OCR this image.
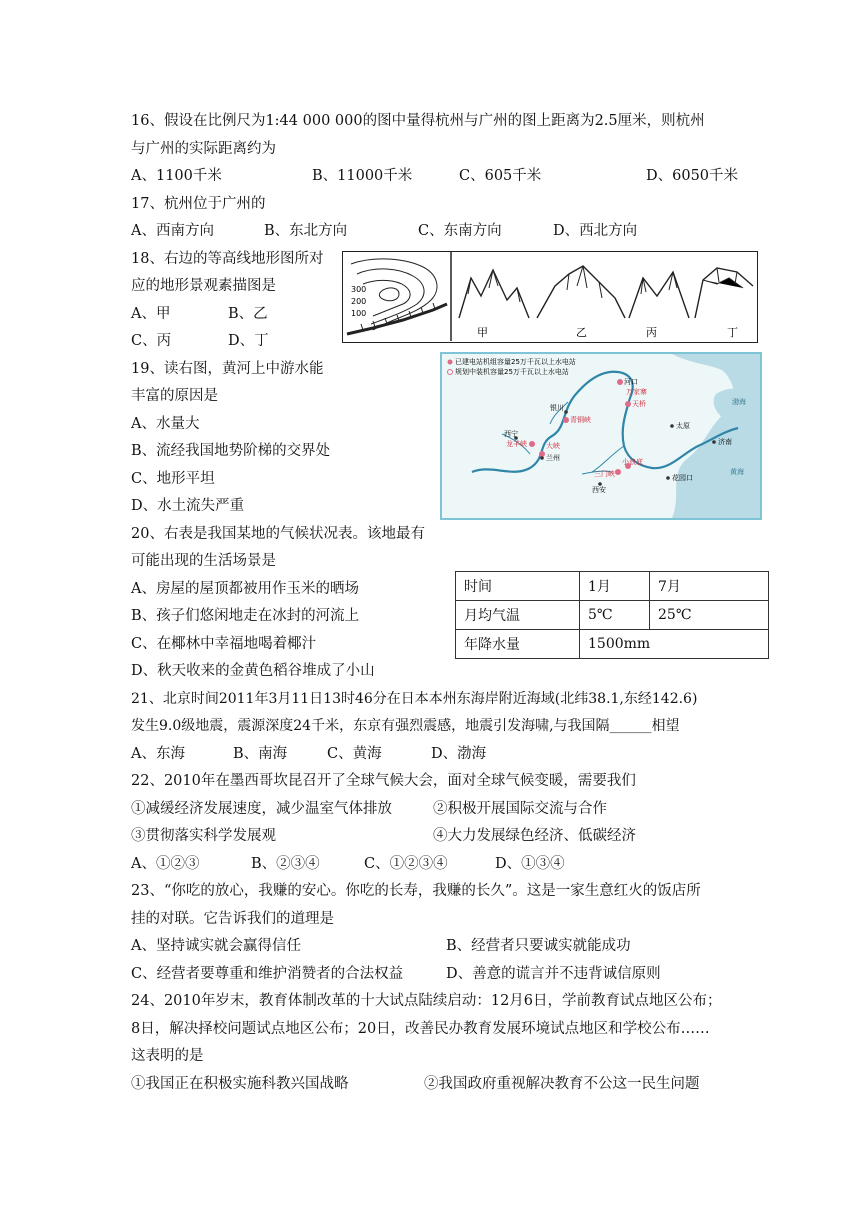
16、假设在比例尺为1:44 000 000的图中量得杭州与广州的图上距离为2.5厘米，则杭州
与广州的实际距离约为
A、1100千米	B、11000千米	C、605千米	D、6050千米
17、杭州位于广州的
A、西南方向	B、东北方向	C、东南方向	D、西北方向
18、右边的等高线地形图所对
应的地形景观素描图是
A、甲	B、乙
C、丙	D、丁
300
200
100
甲	乙	丙	丁
19、读右图，黄河上中游水能
丰富的原因是
A、水量大
B、流经我国地势阶梯的交界处
C、地形平坦
D、水土流失严重
已建电站机组容量25万千瓦以上水电站
规划中装机容量25万千瓦以上水电站
河口
万家寨
天桥
银川
青铜峡
太原
西宁
龙羊峡	大峡
兰州
济南
小浪底
三门峡	花园口
西安
渤海
黄海
20、右表是我国某地的气候状况表。该地最有
可能出现的生活场景是
A、房屋的屋顶都被用作玉米的晒场
B、孩子们悠闲地走在冰封的河流上
C、在椰林中幸福地喝着椰汁
D、秋天收来的金黄色稻谷堆成了小山
时间	1月	7月
月均气温	5℃	25℃
年降水量	1500mm	
21、北京时间2011年3月11日13时46分在日本本州东海岸附近海域(北纬38.1,东经142.6)
发生9.0级地震，震源深度24千米，东京有强烈震感，地震引发海啸,与我国隔______相望
A、东海	B、南海	C、黄海	D、渤海
22、2010年在墨西哥坎昆召开了全球气候大会，面对全球气候变暖，需要我们
①减缓经济发展速度，减少温室气体排放	②积极开展国际交流与合作
③贯彻落实科学发展观	④大力发展绿色经济、低碳经济
A、①②③	B、②③④	C、①②③④	D、①③④
23、“你吃的放心，我赚的安心。你吃的长寿，我赚的长久”。这是一家生意红火的饭店所
挂的对联。它告诉我们的道理是
A、坚持诚实就会赢得信任	B、经营者只要诚实就能成功
C、经营者要尊重和维护消赞者的合法权益	D、善意的谎言并不违背诚信原则
24、2010年岁末，教育体制改革的十大试点陆续启动：12月6日，学前教育试点地区公布；
8日，解决择校问题试点地区公布；20日，改善民办教育发展环境试点地区和学校公布……
这表明的是
①我国正在积极实施科教兴国战略	②我国政府重视解决教育不公这一民生问题
